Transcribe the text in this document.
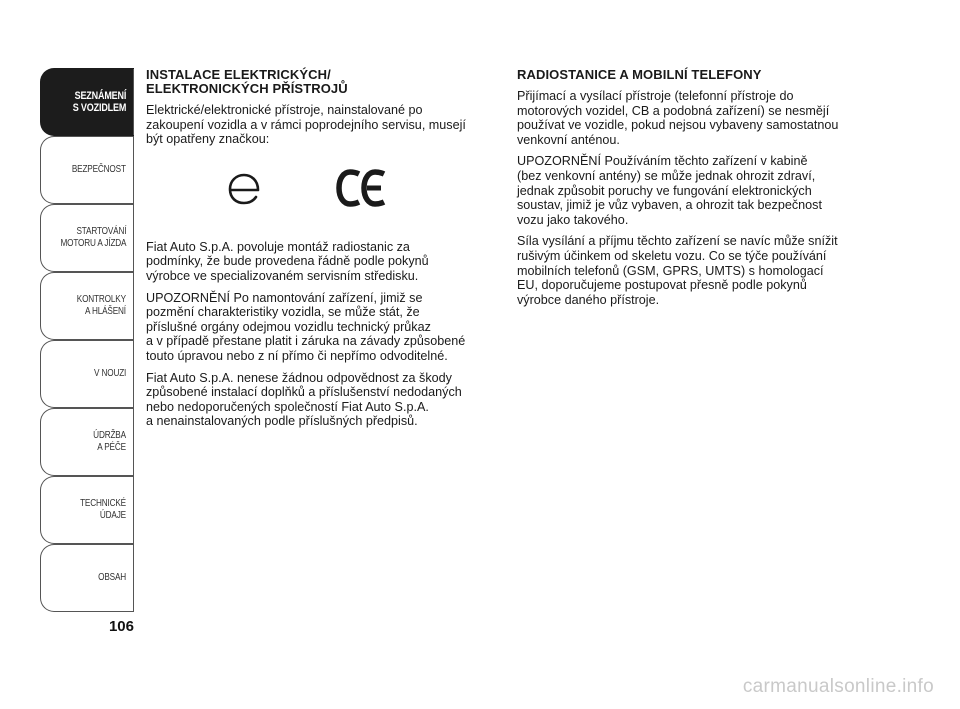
SEZNÁMENÍ
S VOZIDLEM
BEZPEČNOST
STARTOVÁNÍ
MOTORU A JÍZDA
KONTROLKY
A HLÁŠENÍ
V NOUZI
ÚDRŽBA
A PÉČE
TECHNICKÉ
ÚDAJE
OBSAH
106
INSTALACE ELEKTRICKÝCH/
ELEKTRONICKÝCH PŘÍSTROJŮ
Elektrické/elektronické přístroje, nainstalované po
zakoupení vozidla a v rámci poprodejního servisu, musejí
být opatřeny značkou:
Fiat Auto S.p.A. povoluje montáž radiostanic za
podmínky, že bude provedena řádně podle pokynů
výrobce ve specializovaném servisním středisku.
UPOZORNĚNÍ Po namontování zařízení, jimiž se
pozmění charakteristiky vozidla, se může stát, že
příslušné orgány odejmou vozidlu technický průkaz
a v případě přestane platit i záruka na závady způsobené
touto úpravou nebo z ní přímo či nepřímo odvoditelné.
Fiat Auto S.p.A. nenese žádnou odpovědnost za škody
způsobené instalací doplňků a příslušenství nedodaných
nebo nedoporučených společností Fiat Auto S.p.A.
a nenainstalovaných podle příslušných předpisů.
RADIOSTANICE A MOBILNÍ TELEFONY
Přijímací a vysílací přístroje (telefonní přístroje do
motorových vozidel, CB a podobná zařízení) se nesmějí
používat ve vozidle, pokud nejsou vybaveny samostatnou
venkovní anténou.
UPOZORNĚNÍ Používáním těchto zařízení v kabině
(bez venkovní antény) se může jednak ohrozit zdraví,
jednak způsobit poruchy ve fungování elektronických
soustav, jimiž je vůz vybaven, a ohrozit tak bezpečnost
vozu jako takového.
Síla vysílání a příjmu těchto zařízení se navíc může snížit
rušivým účinkem od skeletu vozu. Co se týče používání
mobilních telefonů (GSM, GPRS, UMTS) s homologací
EU, doporučujeme postupovat přesně podle pokynů
výrobce daného přístroje.
carmanualsonline.info
